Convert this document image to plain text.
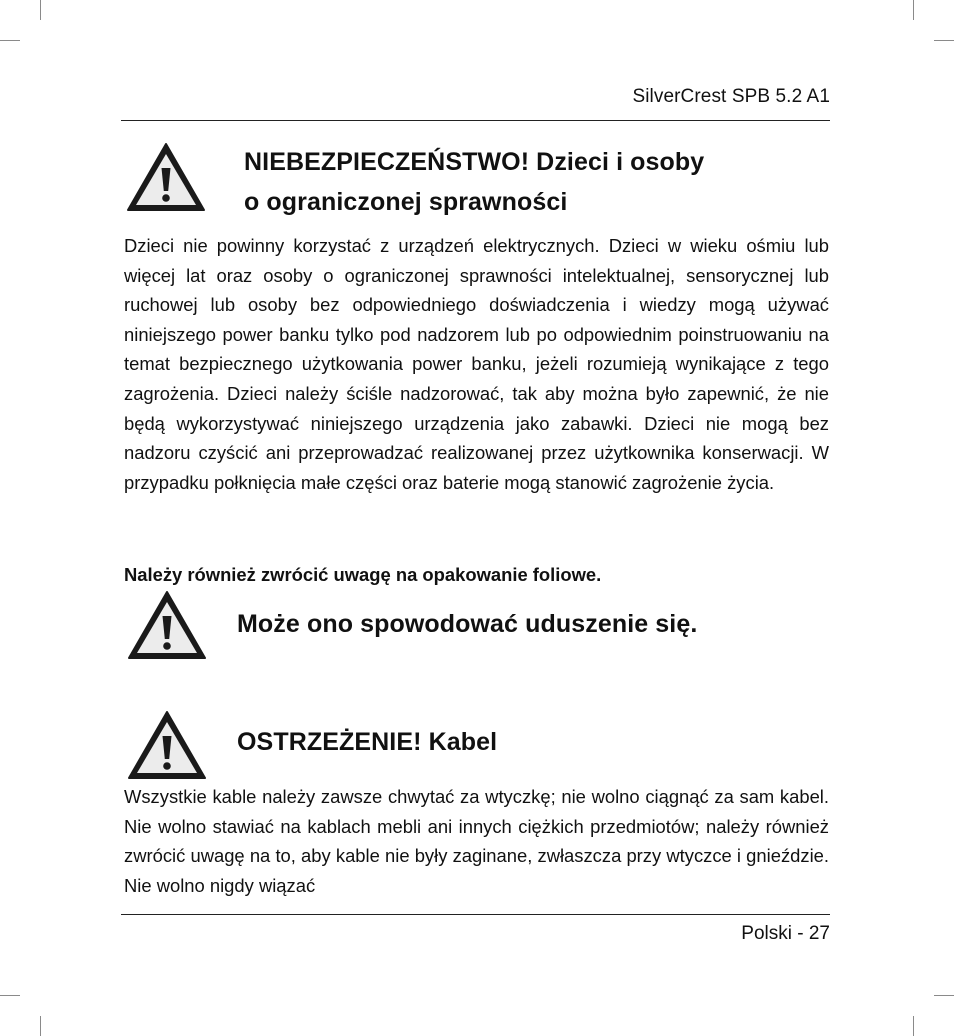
SilverCrest SPB 5.2 A1
NIEBEZPIECZEŃSTWO! Dzieci i osoby
o ograniczonej sprawności

Dzieci nie powinny korzystać z urządzeń elektrycznych. Dzieci w wieku ośmiu lub więcej lat oraz osoby o ograniczonej sprawności intelektualnej, sensorycznej lub ruchowej lub osoby bez odpowiedniego doświadczenia i wiedzy mogą używać niniejszego power banku tylko pod nadzorem lub po odpowiednim poinstruowaniu na temat bezpiecznego użytkowania power banku, jeżeli rozumieją wynikające z tego zagrożenia. Dzieci należy ściśle nadzorować, tak aby można było zapewnić, że nie będą wykorzystywać niniejszego urządzenia jako zabawki. Dzieci nie mogą bez nadzoru czyścić ani przeprowadzać realizowanej przez użytkownika konserwacji. W przypadku połknięcia małe części oraz baterie mogą stanowić zagrożenie życia.

Należy również zwrócić uwagę na opakowanie foliowe.
Może ono spowodować uduszenie się.
OSTRZEŻENIE! Kabel

Wszystkie kable należy zawsze chwytać za wtyczkę; nie wolno ciągnąć za sam kabel. Nie wolno stawiać na kablach mebli ani innych ciężkich przedmiotów; należy również zwrócić uwagę na to, aby kable nie były zaginane, zwłaszcza przy wtyczce i gnieździe. Nie wolno nigdy wiązać

Polski - 27
